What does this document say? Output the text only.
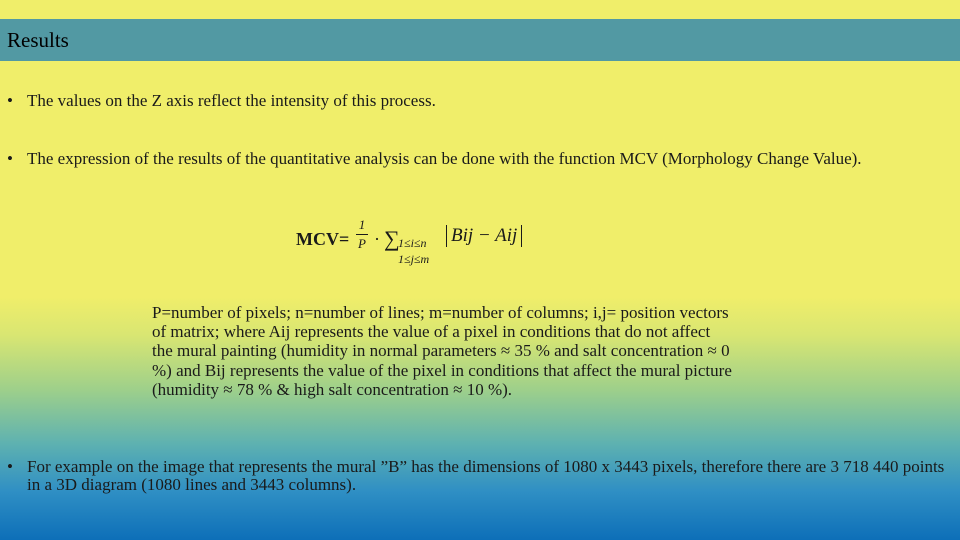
Results
• The values on the Z axis reflect the intensity of this process.
• The expression of the results of the quantitative analysis can be done with the function MCV (Morphology Change Value).
MCV=
1
P · ∑
1≤i≤n
1≤j≤m
Bij − Aij
P=number of pixels; n=number of lines; m=number of columns; i,j= position vectors of matrix; where Aij represents the value of a pixel in conditions that do not affect the mural painting (humidity in normal parameters ≈ 35 % and salt concentration ≈ 0 %) and Bij represents the value of the pixel in conditions that affect the mural picture (humidity ≈ 78 % & high salt concentration ≈ 10 %).
• For example on the image that represents the mural ”B” has the dimensions of 1080 x 3443 pixels, therefore there are 3 718 440 points in a 3D diagram (1080 lines and 3443 columns).
